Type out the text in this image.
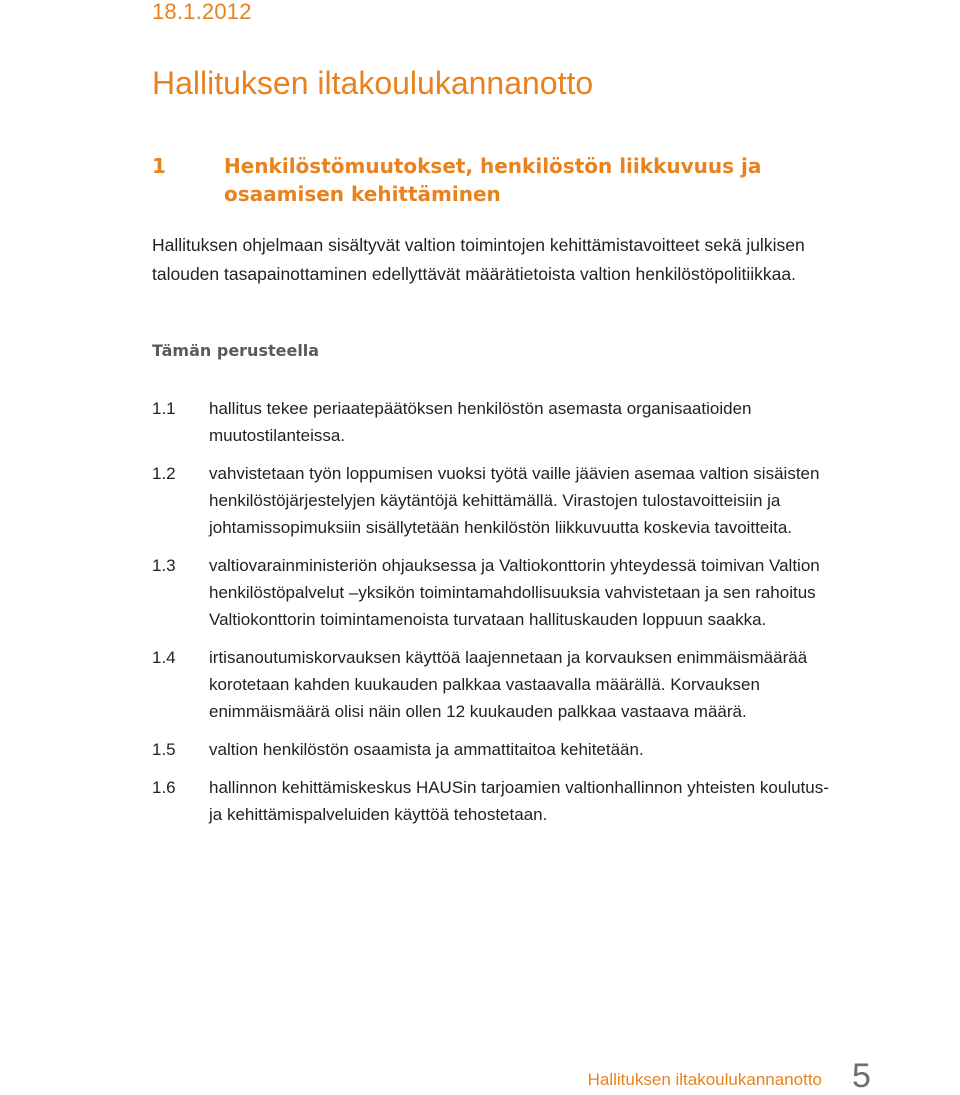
18.1.2012
Hallituksen iltakoulukannanotto
1	Henkilöstömuutokset, henkilöstön liikkuvuus ja osaamisen kehittäminen

Hallituksen ohjelmaan sisältyvät valtion toimintojen kehittämistavoitteet sekä julkisen talouden tasapainottaminen edellyttävät määrätietoista valtion henkilöstöpolitiikkaa.

Tämän perusteella
1.1 hallitus tekee periaatepäätöksen henkilöstön asemasta organisaatioiden muutostilanteissa.
1.2 vahvistetaan työn loppumisen vuoksi työtä vaille jäävien asemaa valtion sisäisten henkilöstöjärjestelyjen käytäntöjä kehittämällä. Virastojen tulostavoitteisiin ja johtamissopimuksiin sisällytetään henkilöstön liikkuvuutta koskevia tavoitteita.
1.3 valtiovarainministeriön ohjauksessa ja Valtiokonttorin yhteydessä toimivan Valtion henkilöstöpalvelut –yksikön toimintamahdollisuuksia vahvistetaan ja sen rahoitus Valtiokonttorin toimintamenoista turvataan hallituskauden loppuun saakka.
1.4 irtisanoutumiskorvauksen käyttöä laajennetaan ja korvauksen enimmäismäärää korotetaan kahden kuukauden palkkaa vastaavalla määrällä. Korvauksen enimmäismäärä olisi näin ollen 12 kuukauden palkkaa vastaava määrä.
1.5 valtion henkilöstön osaamista ja ammattitaitoa kehitetään.
1.6 hallinnon kehittämiskeskus HAUSin tarjoamien valtionhallinnon yhteisten koulutus- ja kehittämispalveluiden käyttöä tehostetaan.
Hallituksen iltakoulukannanotto 5
